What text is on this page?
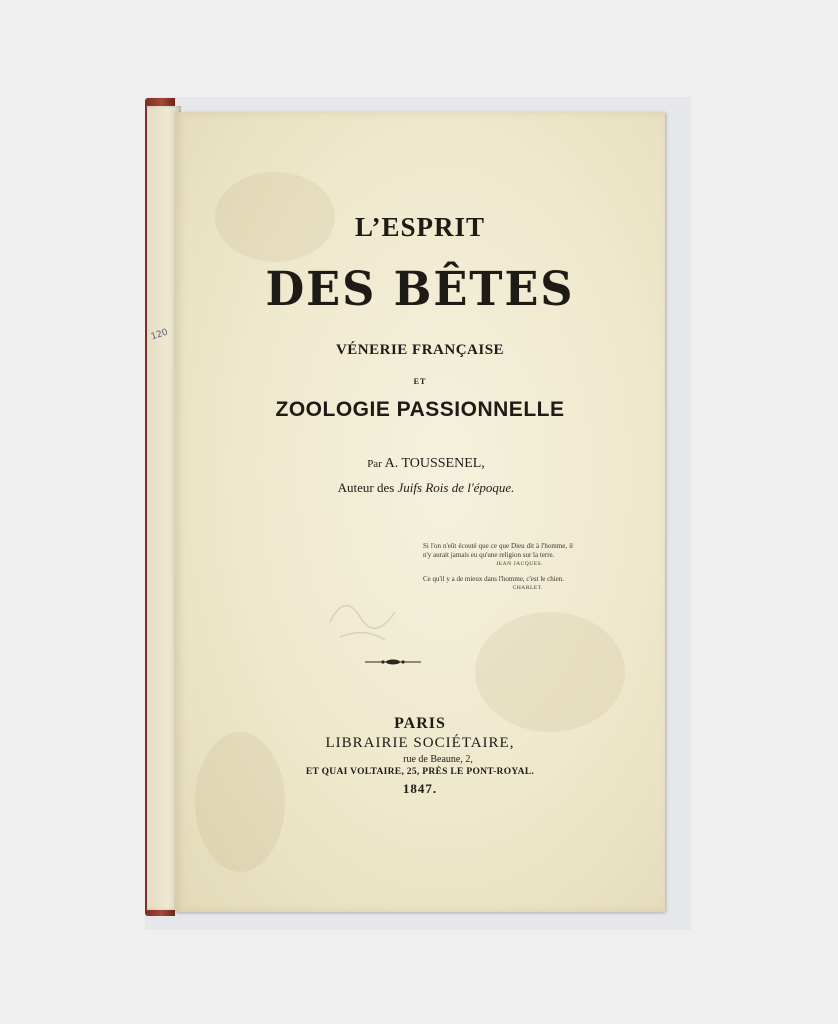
120
L’ESPRIT
DES BÊTES
VÉNERIE FRANÇAISE
ET
ZOOLOGIE PASSIONNELLE
Par A. TOUSSENEL,
Auteur des Juifs Rois de l'époque.
Si l'on n'eût écouté que ce que Dieu dit à l'homme, il n'y aurait jamais eu qu'une religion sur la terre.
JEAN JACQUES.
Ce qu'il y a de mieux dans l'homme, c'est le chien.
CHARLET.
PARIS
LIBRAIRIE SOCIÉTAIRE,
rue de Beaune, 2,
ET QUAI VOLTAIRE, 25, PRÈS LE PONT-ROYAL.
1847.
